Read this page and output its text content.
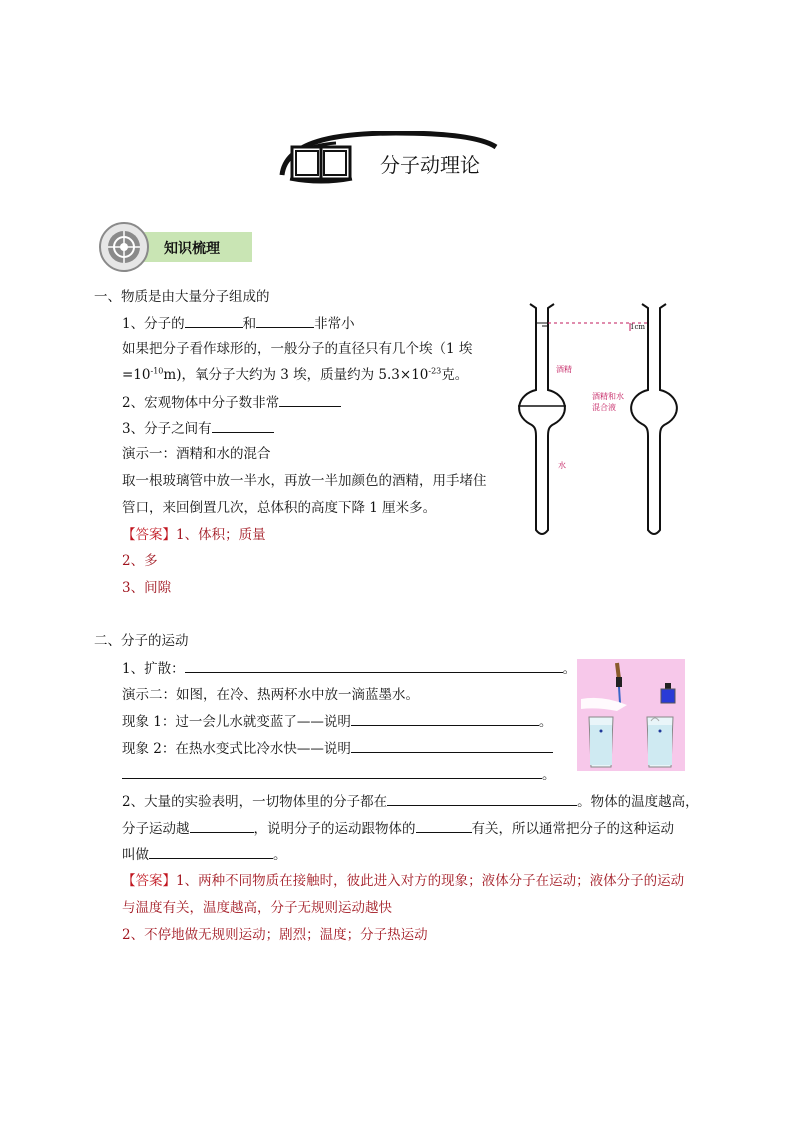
分子动理论
知识梳理
一、物质是由大量分子组成的
1、分子的	和	非常小
如果把分子看作球形的，一般分子的直径只有几个埃（1 埃
$=10^{-10}m$)，氧分子大约为 3 埃，质量约为 $5.3\times 10^{-23}$克。
2、宏观物体中分子数非常
3、分子之间有
演示一：酒精和水的混合
取一根玻璃管中放一半水，再放一半加颜色的酒精，用手堵住
管口，来回倒置几次，总体积的高度下降 1 厘米多。
【答案】1、体积；质量
2、多
3、间隙
1cm
酒精
酒精和水
混合液
水
二、分子的运动
1、扩散：	。
演示二：如图，在冷、热两杯水中放一滴蓝墨水。
现象 1：过一会儿水就变蓝了——说明	。
现象 2：在热水变式比冷水快——说明
。
2、大量的实验表明，一切物体里的分子都在	。物体的温度越高，
分子运动越	，说明分子的运动跟物体的	有关，所以通常把分子的这种运动
叫做	。
【答案】1、两种不同物质在接触时，彼此进入对方的现象；液体分子在运动；液体分子的运动
与温度有关，温度越高，分子无规则运动越快
2、不停地做无规则运动；剧烈；温度；分子热运动
